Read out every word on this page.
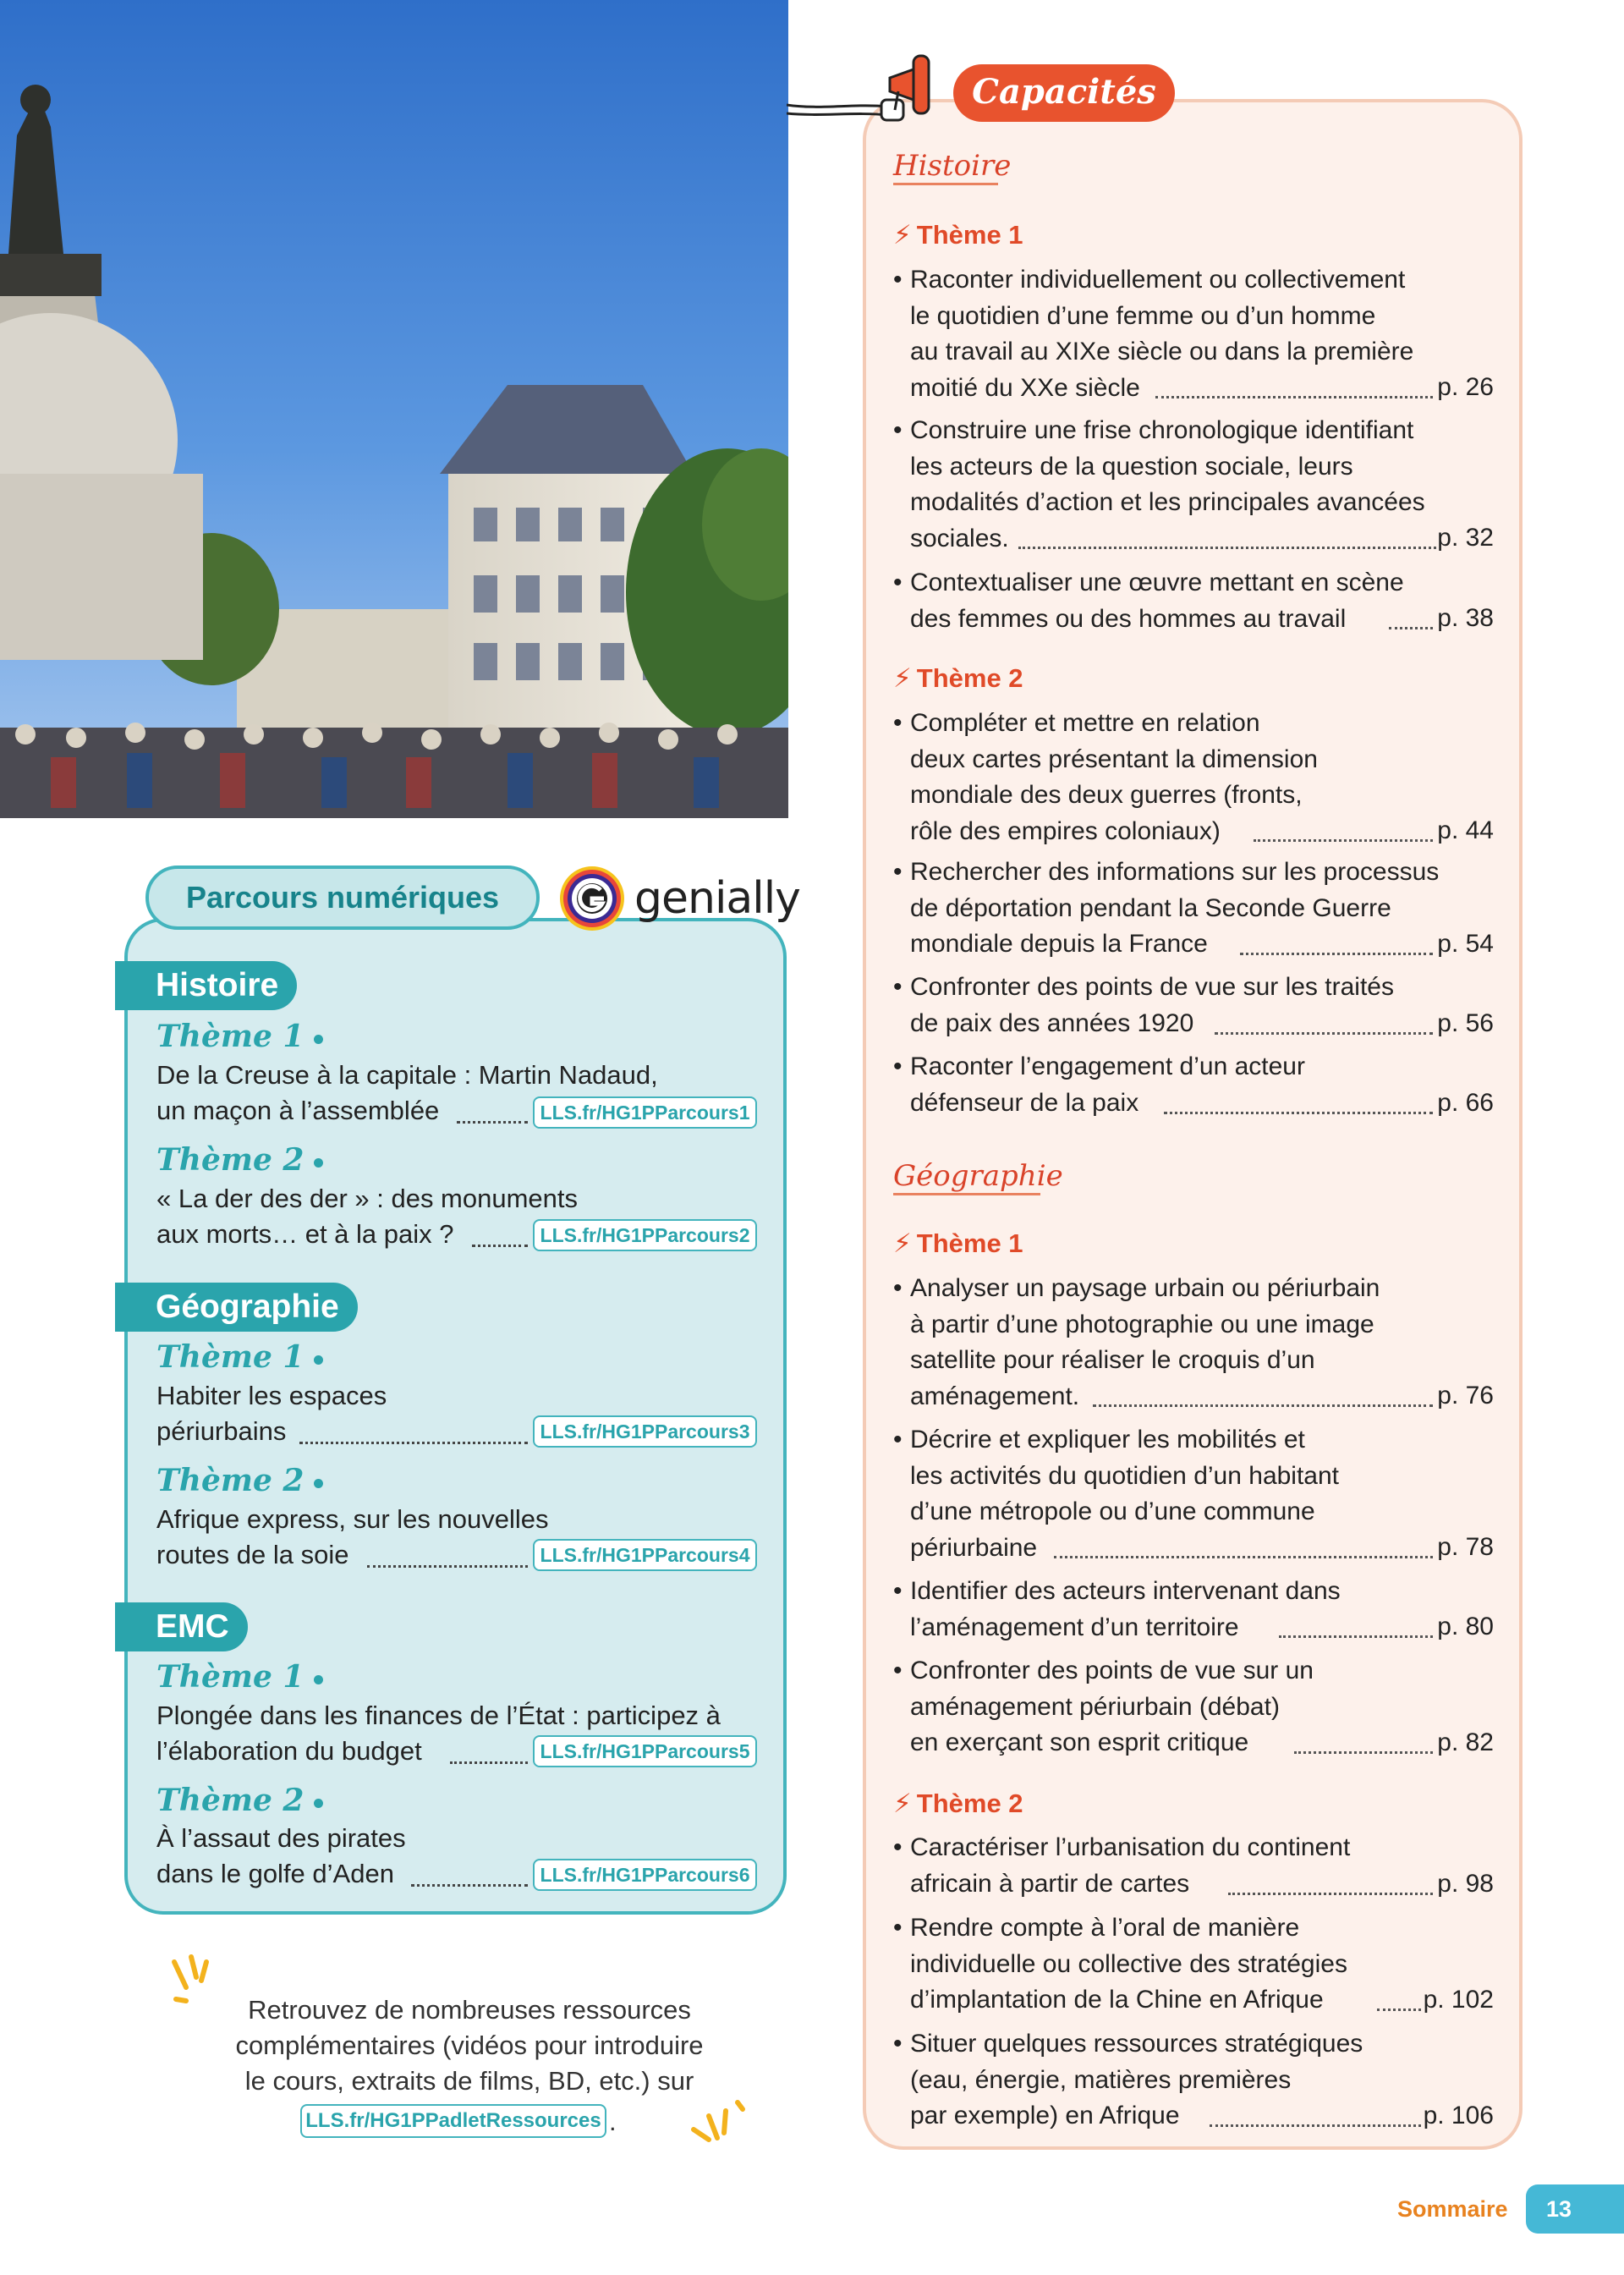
Parcours numériques	genially
Histoire
Thème 1
De la Creuse à la capitale : Martin Nadaud,
un maçon à l’assemblée	LLS.fr/HG1PParcours1
Thème 2
« La der des der » : des monuments
aux morts… et à la paix ?	LLS.fr/HG1PParcours2
Géographie
Thème 1
Habiter les espaces
périurbains	LLS.fr/HG1PParcours3
Thème 2
Afrique express, sur les nouvelles
routes de la soie	LLS.fr/HG1PParcours4
EMC
Thème 1
Plongée dans les finances de l’État : participez à
l’élaboration du budget	LLS.fr/HG1PParcours5
Thème 2
À l’assaut des pirates
dans le golfe d’Aden	LLS.fr/HG1PParcours6
Retrouvez de nombreuses ressources
complémentaires (vidéos pour introduire
le cours, extraits de films, BD, etc.) sur
LLS.fr/HG1PPadletRessources .
Capacités
Histoire
⚡ Thème 1
• Raconter individuellement ou collectivement
le quotidien d’une femme ou d’un homme
au travail au XIXe siècle ou dans la première
moitié du XXe siècle	p. 26
• Construire une frise chronologique identifiant
les acteurs de la question sociale, leurs
modalités d’action et les principales avancées
sociales.	p. 32
• Contextualiser une œuvre mettant en scène
des femmes ou des hommes au travail	p. 38
⚡ Thème 2
• Compléter et mettre en relation
deux cartes présentant la dimension
mondiale des deux guerres (fronts,
rôle des empires coloniaux)	p. 44
• Rechercher des informations sur les processus
de déportation pendant la Seconde Guerre
mondiale depuis la France	p. 54
• Confronter des points de vue sur les traités
de paix des années 1920	p. 56
• Raconter l’engagement d’un acteur
défenseur de la paix	p. 66
Géographie
⚡ Thème 1
• Analyser un paysage urbain ou périurbain
à partir d’une photographie ou une image
satellite pour réaliser le croquis d’un
aménagement.	p. 76
• Décrire et expliquer les mobilités et
les activités du quotidien d’un habitant
d’une métropole ou d’une commune
périurbaine	p. 78
• Identifier des acteurs intervenant dans
l’aménagement d’un territoire	p. 80
• Confronter des points de vue sur un
aménagement périurbain (débat)
en exerçant son esprit critique	p. 82
⚡ Thème 2
• Caractériser l’urbanisation du continent
africain à partir de cartes	p. 98
• Rendre compte à l’oral de manière
individuelle ou collective des stratégies
d’implantation de la Chine en Afrique	p. 102
• Situer quelques ressources stratégiques
(eau, énergie, matières premières
par exemple) en Afrique	p. 106
Sommaire	13
